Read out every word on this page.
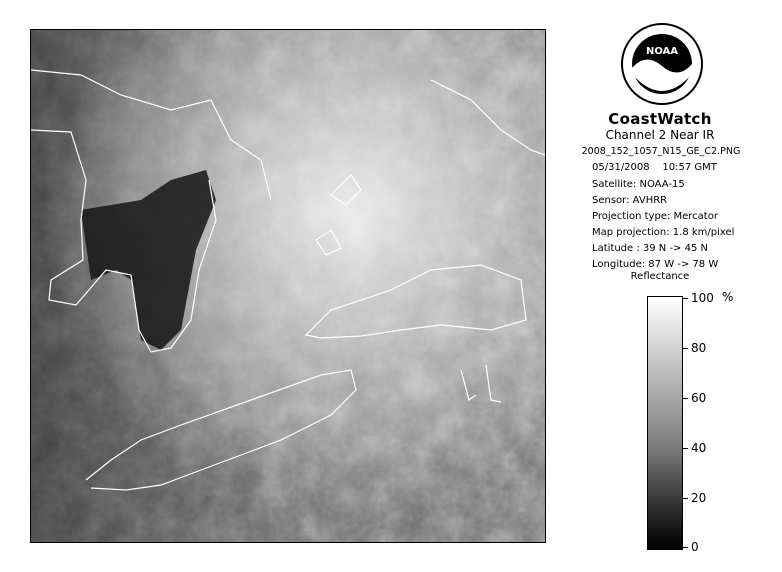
NOAA
CoastWatch
Channel 2 Near IR
2008_152_1057_N15_GE_C2.PNG
05/31/2008 10:57 GMT
Satellite: NOAA-15
Sensor: AVHRR
Projection type: Mercator
Map projection: 1.8 km/pixel
Latitude : 39 N -> 45 N
Longitude: 87 W -> 78 W
Reflectance
%
100
80
60
40
20
0
